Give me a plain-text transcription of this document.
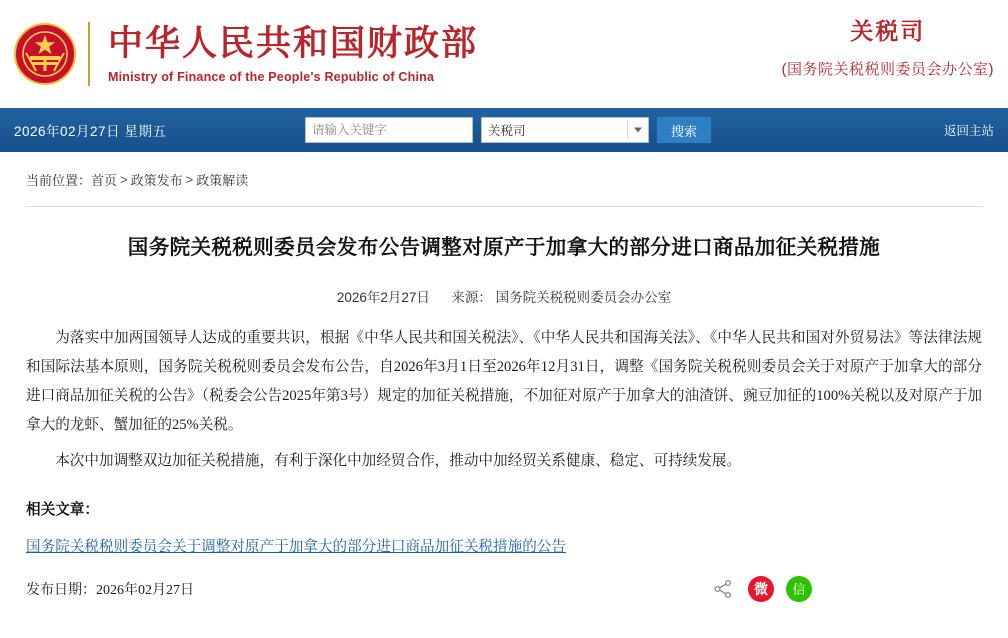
中华人民共和国财政部
Ministry of Finance of the People's Republic of China
关税司
(国务院关税税则委员会办公室)
2026年02月27日 星期五
请输入关键字	关税司	搜索	返回主站
当前位置： 首页 > 政策发布 > 政策解读
国务院关税税则委员会发布公告调整对原产于加拿大的部分进口商品加征关税措施
2026年2月27日 来源： 国务院关税税则委员会办公室

为落实中加两国领导人达成的重要共识，根据《中华人民共和国关税法》、《中华人民共和国海关法》、《中华人民共和国对外贸易法》等法律法规和国际法基本原则，国务院关税税则委员会发布公告，自2026年3月1日至2026年12月31日，调整《国务院关税税则委员会关于对原产于加拿大的部分进口商品加征关税的公告》（税委会公告2025年第3号）规定的加征关税措施，不加征对原产于加拿大的油渣饼、豌豆加征的100%关税以及对原产于加拿大的龙虾、蟹加征的25%关税。

本次中加调整双边加征关税措施，有利于深化中加经贸合作，推动中加经贸关系健康、稳定、可持续发展。

相关文章：
国务院关税税则委员会关于调整对原产于加拿大的部分进口商品加征关税措施的公告
发布日期：2026年02月27日	微	信
